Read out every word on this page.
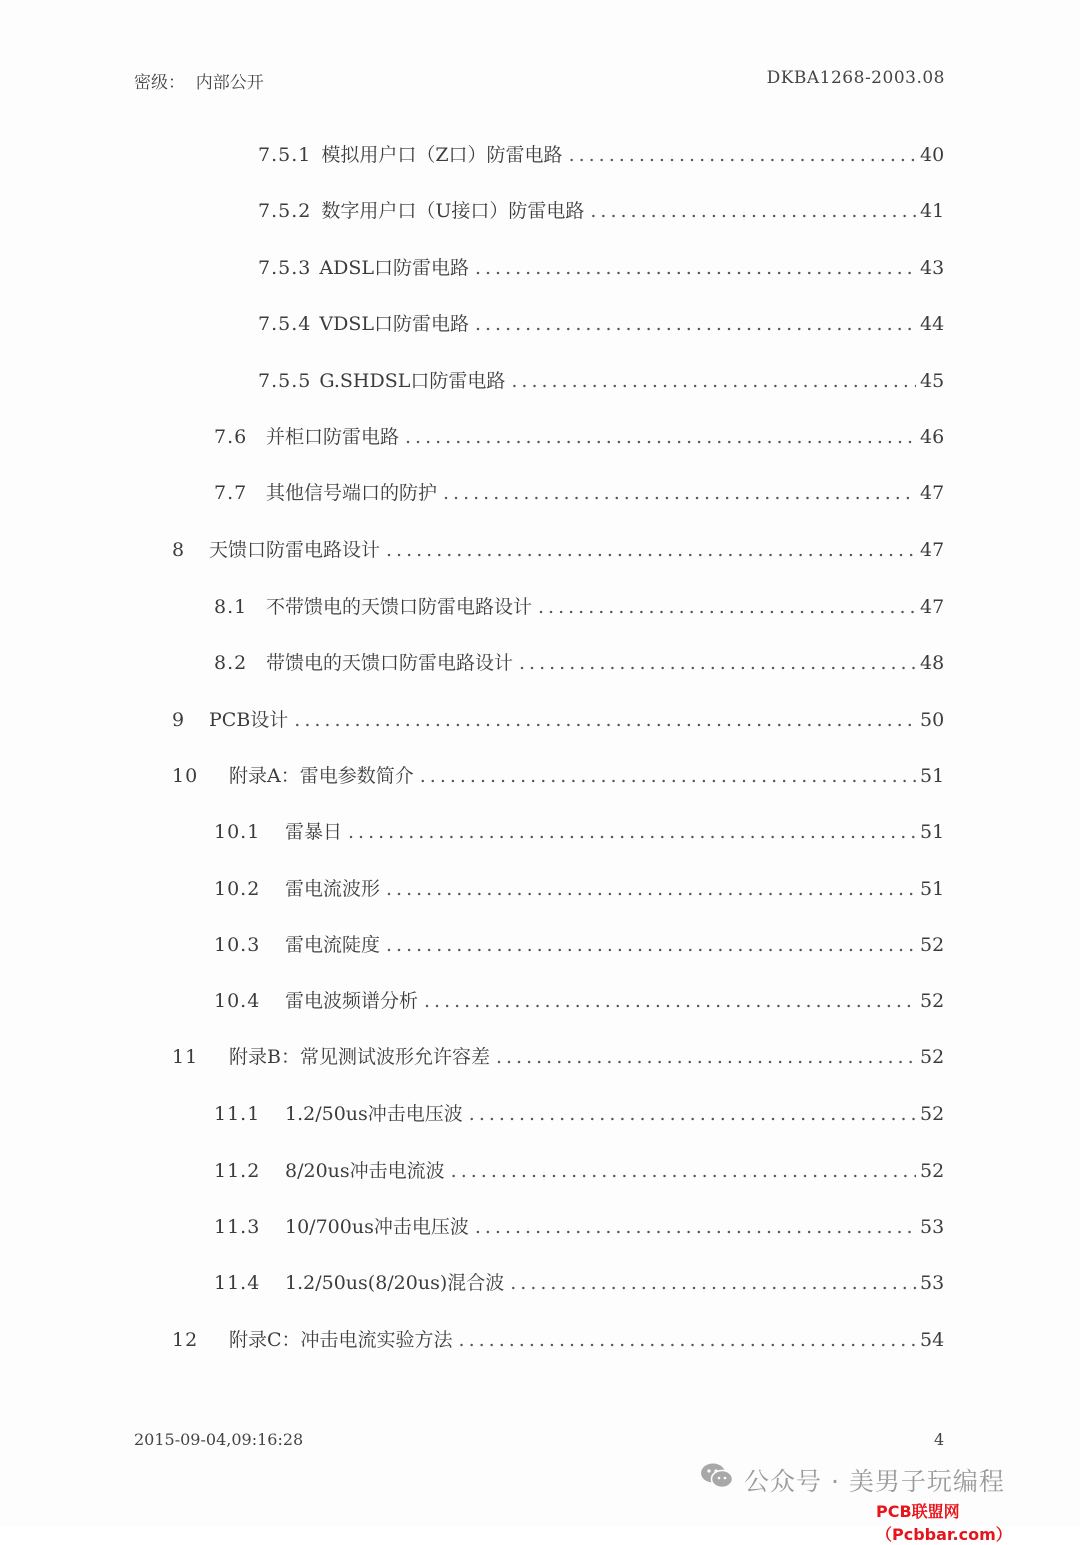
密级：  内部公开	DKBA1268-2003.08
7.5.1 模拟用户口（Z口）防雷电路 .....	40
7.5.2 数字用户口（U接口）防雷电路 .....	41
7.5.3 ADSL口防雷电路 .....	43
7.5.4 VDSL口防雷电路 .....	44
7.5.5 G.SHDSL口防雷电路 .....	45
7.6 并柜口防雷电路 .....	46
7.7 其他信号端口的防护 .....	47
8	天馈口防雷电路设计 .....	47
8.1 不带馈电的天馈口防雷电路设计 .....	47
8.2 带馈电的天馈口防雷电路设计 .....	48
9	PCB设计 .....	50
10	附录A：雷电参数简介 .....	51
10.1	雷暴日 .....	51
10.2	雷电流波形 .....	51
10.3	雷电流陡度 .....	52
10.4	雷电波频谱分析 .....	52
11	附录B：常见测试波形允许容差 .....	52
11.1	1.2/50us冲击电压波 .....	52
11.2	8/20us冲击电流波 .....	52
11.3	10/700us冲击电压波 .....	53
11.4	1.2/50us(8/20us)混合波 .....	53
12	附录C：冲击电流实验方法 .....	54
2015-09-04,09:16:28	4
公众号 · 美男子玩编程
PCB联盟网（Pcbbar.com）
